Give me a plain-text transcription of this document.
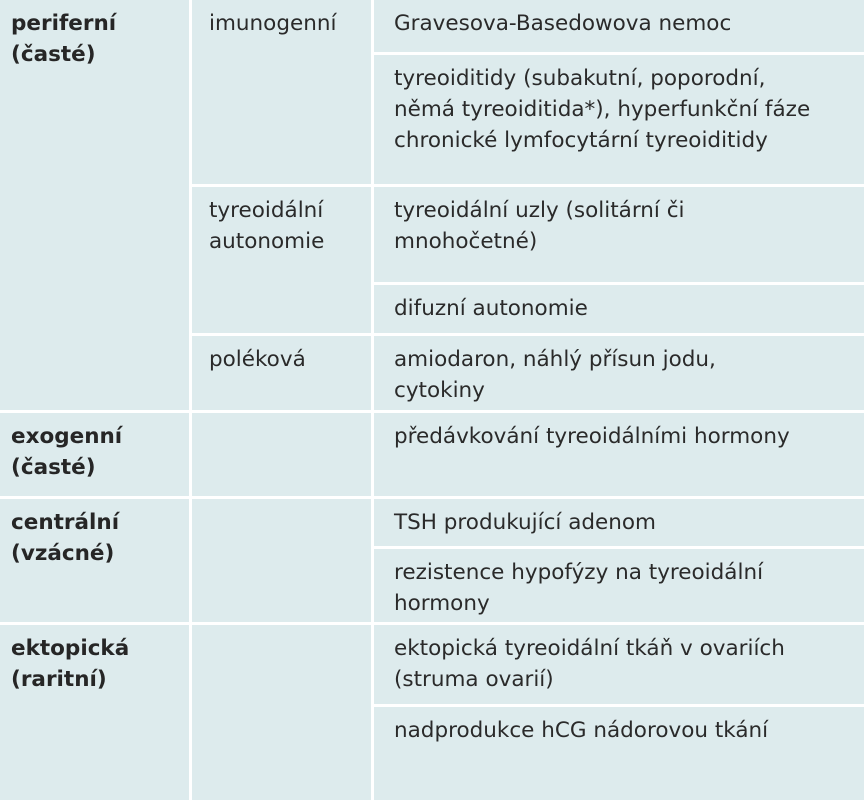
periferní
(časté)
imunogenní	Gravesova-Basedowova nemoc
tyreoiditidy (subakutní, poporodní,
němá tyreoiditida*), hyperfunkční fáze
chronické lymfocytární tyreoiditidy
tyreoidální
autonomie
tyreoidální uzly (solitární či
mnohočetné)
difuzní autonomie
poléková	amiodaron, náhlý přísun jodu,
cytokiny
exogenní
(časté)
předávkování tyreoidálními hormony
centrální
(vzácné)
TSH produkující adenom
rezistence hypofýzy na tyreoidální
hormony
ektopická
(raritní)
ektopická tyreoidální tkáň v ovariích
(struma ovarií)
nadprodukce hCG nádorovou tkání
